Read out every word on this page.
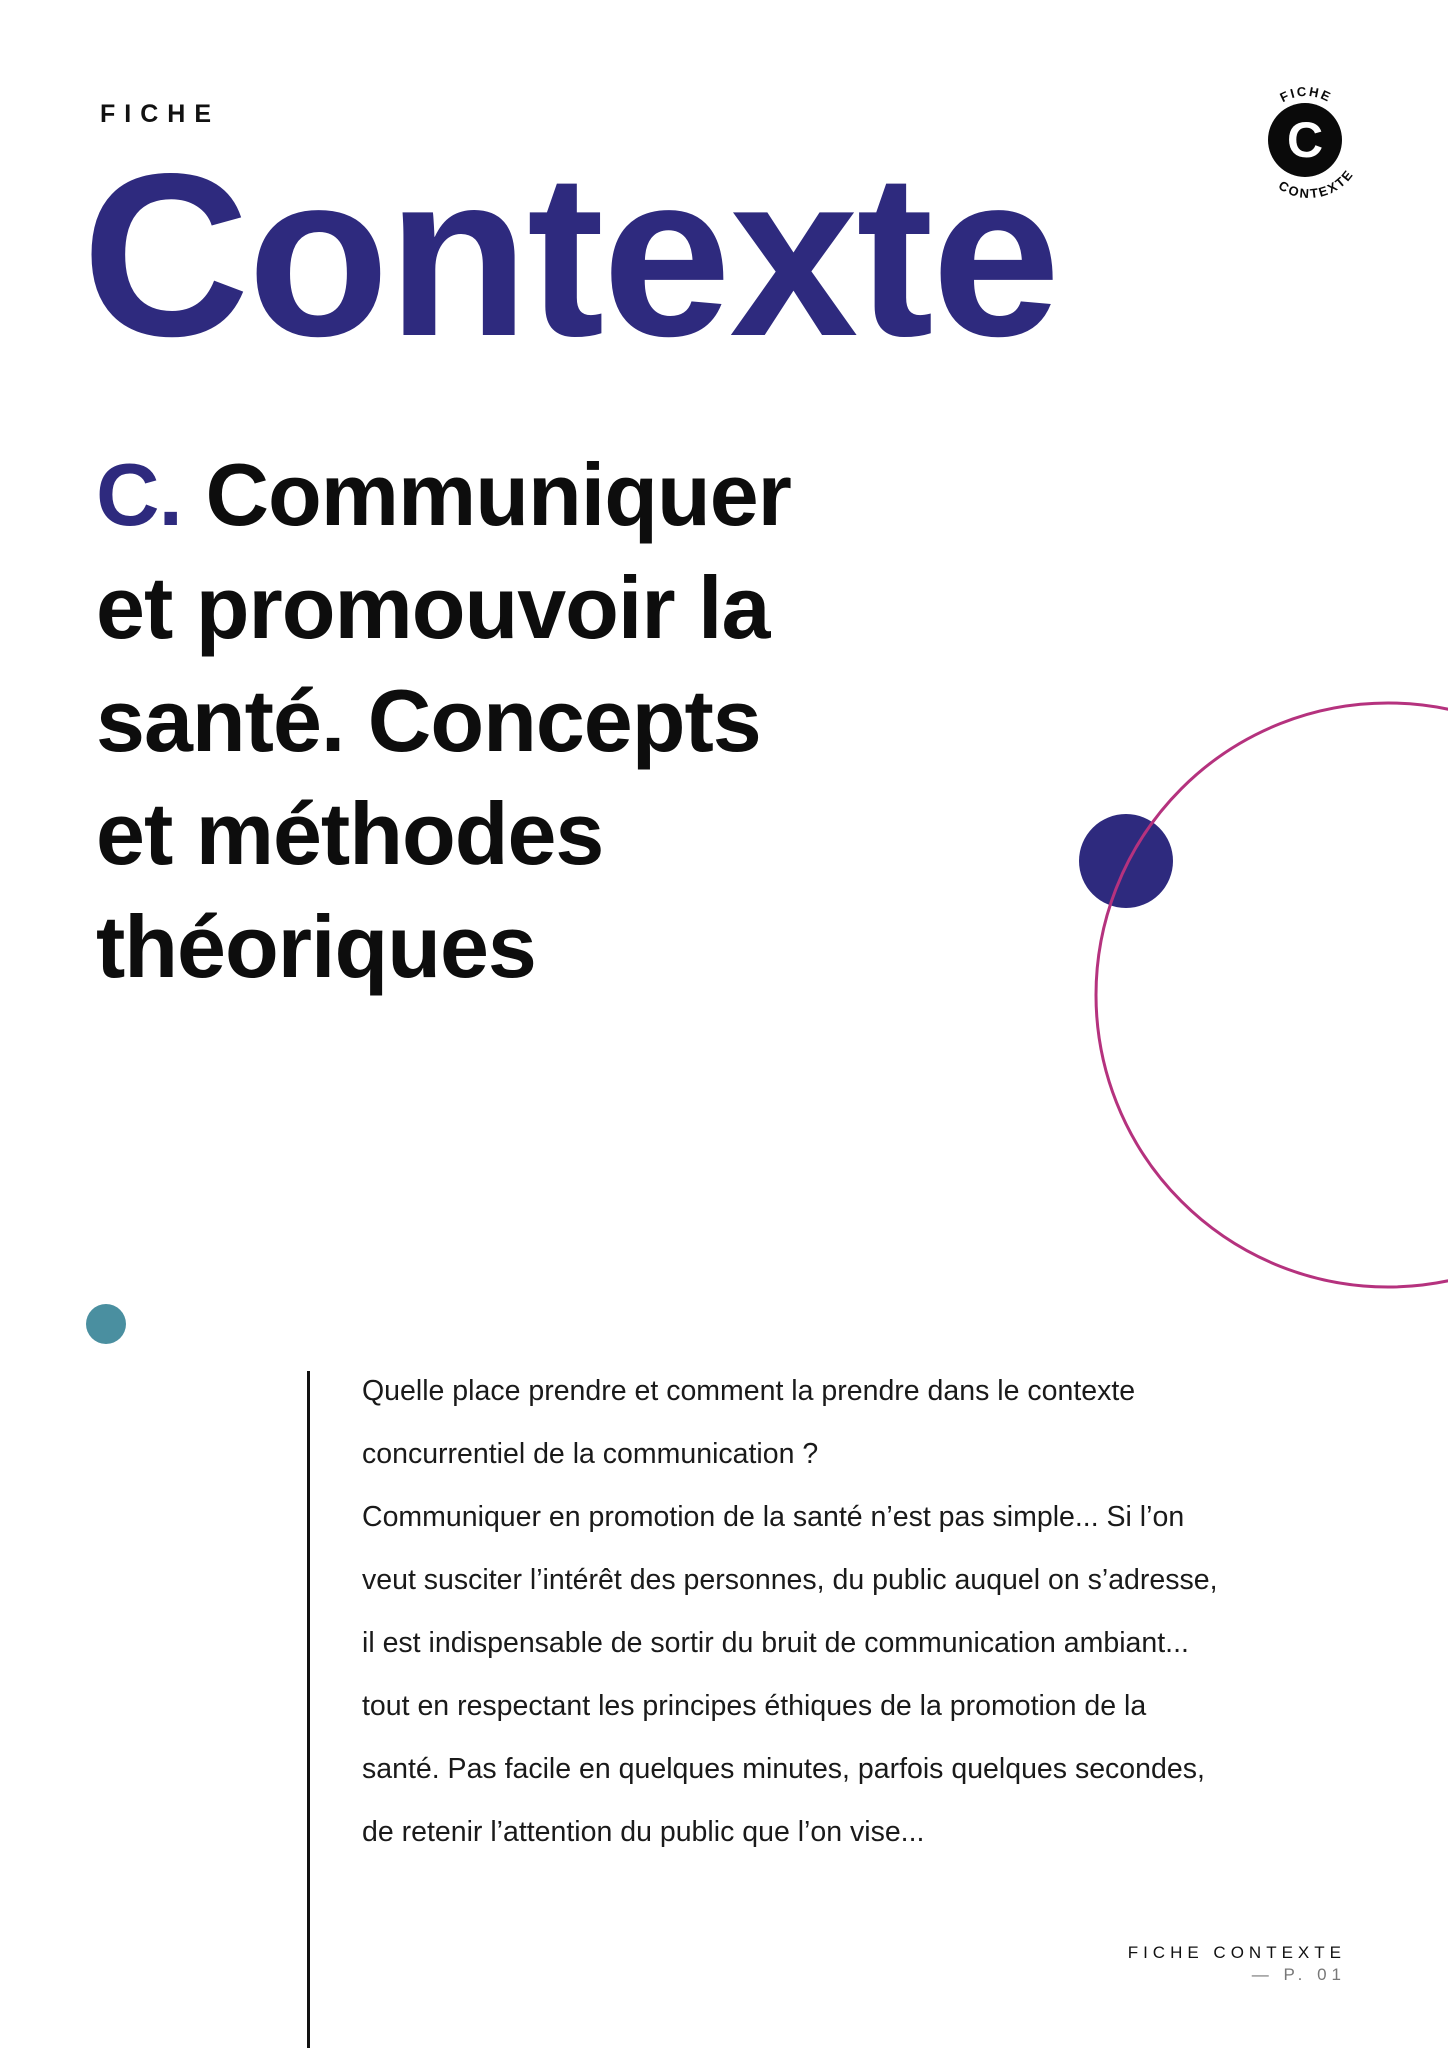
FICHE
Contexte	C
FICHE
CONTEXTE
C. Communiquer
et promouvoir la
santé. Concepts
et méthodes
théoriques

Quelle place prendre et comment la prendre dans le contexte
concurrentiel de la communication ?
Communiquer en promotion de la santé n’est pas simple... Si l’on
veut susciter l’intérêt des personnes, du public auquel on s’adresse,
il est indispensable de sortir du bruit de communication ambiant...
tout en respectant les principes éthiques de la promotion de la
santé. Pas facile en quelques minutes, parfois quelques secondes,
de retenir l’attention du public que l’on vise...

FICHE CONTEXTE
— P. 01
